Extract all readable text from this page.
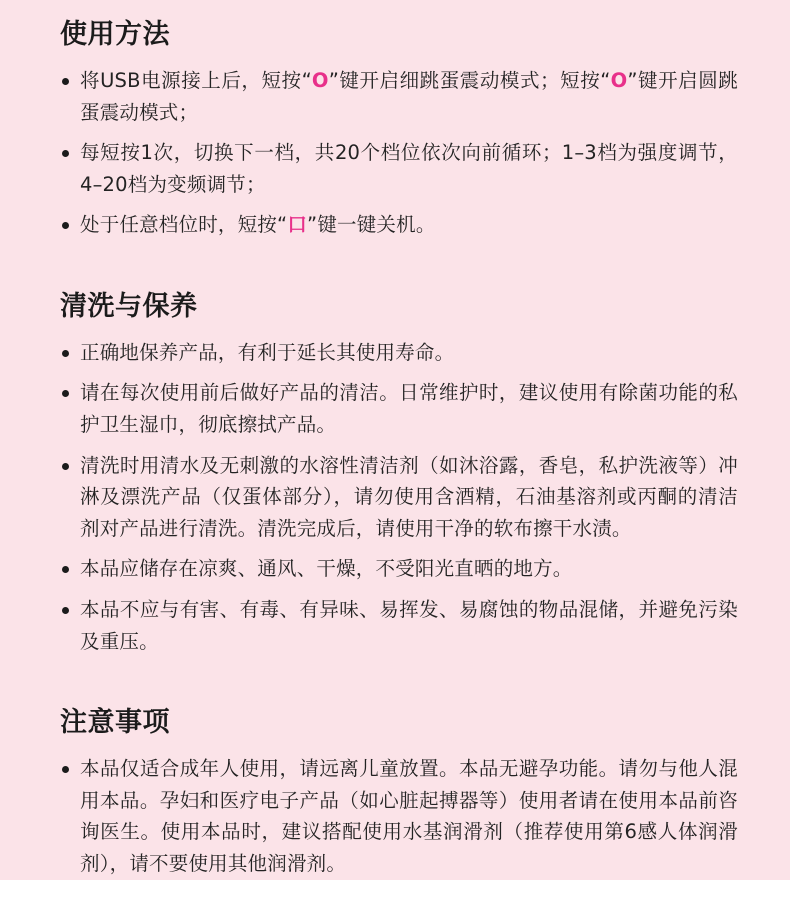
使用方法
将USB电源接上后，短按“O”键开启细跳蛋震动模式；短按“O”键开启圆跳蛋震动模式；
每短按1次，切换下一档，共20个档位依次向前循环；1–3档为强度调节，4–20档为变频调节；
处于任意档位时，短按“口”键一键关机。
清洗与保养
正确地保养产品，有利于延长其使用寿命。
请在每次使用前后做好产品的清洁。日常维护时，建议使用有除菌功能的私护卫生湿巾，彻底擦拭产品。
清洗时用清水及无刺激的水溶性清洁剂（如沐浴露，香皂，私护洗液等）冲淋及漂洗产品（仅蛋体部分），请勿使用含酒精，石油基溶剂或丙酮的清洁剂对产品进行清洗。清洗完成后，请使用干净的软布擦干水渍。
本品应储存在凉爽、通风、干燥，不受阳光直晒的地方。
本品不应与有害、有毒、有异味、易挥发、易腐蚀的物品混储，并避免污染及重压。
注意事项
本品仅适合成年人使用，请远离儿童放置。本品无避孕功能。请勿与他人混用本品。孕妇和医疗电子产品（如心脏起搏器等）使用者请在使用本品前咨询医生。使用本品时，建议搭配使用水基润滑剂（推荐使用第6感人体润滑剂），请不要使用其他润滑剂。
